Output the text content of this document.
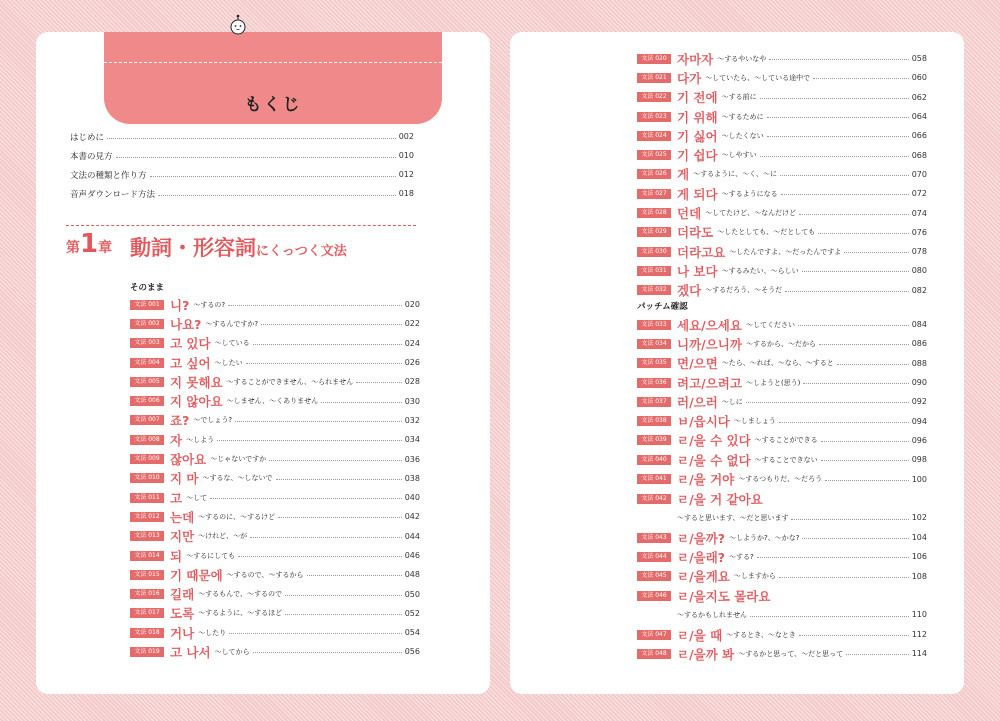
もくじ
はじめに	002
本書の見方	010
文法の種類と作り方	012
音声ダウンロード方法	018
第1章 動詞・形容詞にくっつく文法
そのまま
文法 001 니? ～するの?	020
文法 002 나요? ～するんですか?	022
文法 003 고 있다 ～している	024
文法 004 고 싶어 ～したい	026
文法 005 지 못해요 ～することができません、～られません	028
文法 006 지 않아요 ～しません、～くありません	030
文法 007 죠? ～でしょう?	032
文法 008 자 ～しよう	034
文法 009 잖아요 ～じゃないですか	036
文法 010 지 마 ～するな、～しないで	038
文法 011 고 ～して	040
文法 012 는데 ～するのに、～するけど	042
文法 013 지만 ～けれど、～が	044
文法 014 되 ～するにしても	046
文法 015 기 때문에 ～するので、～するから	048
文法 016 길래 ～するもんで、～するので	050
文法 017 도록 ～するように、～するほど	052
文法 018 거나 ～したり	054
文法 019 고 나서 ～してから	056
文法 020 자마자 ～するやいなや	058
文法 021 다가 ～していたら、～している途中で	060
文法 022 기 전에 ～する前に	062
文法 023 기 위해 ～するために	064
文法 024 기 싫어 ～したくない	066
文法 025 기 쉽다 ～しやすい	068
文法 026 게 ～するように、～く、～に	070
文法 027 게 되다 ～するようになる	072
文法 028 던데 ～してたけど、～なんだけど	074
文法 029 더라도 ～したとしても、～だとしても	076
文法 030 더라고요 ～したんですよ、～だったんですよ	078
文法 031 나 보다 ～するみたい、～らしい	080
文法 032 겠다 ～するだろう、～そうだ	082
パッチム確認
文法 033 세요/으세요 ～してください	084
文法 034 니까/으니까 ～するから、～だから	086
文法 035 면/으면 ～たら、～れば、～なら、～すると	088
文法 036 려고/으려고 ～しようと(思う)	090
文法 037 러/으러 ～しに	092
文法 038 ㅂ/읍시다 ～しましょう	094
文法 039 ㄹ/을 수 있다 ～することができる	096
文法 040 ㄹ/을 수 없다 ～することできない	098
文法 041 ㄹ/을 거야 ～するつもりだ、～だろう	100
文法 042 ㄹ/을 거 같아요
～すると思います、～だと思います	102
文法 043 ㄹ/을까? ～しようか?、～かな?	104
文法 044 ㄹ/을래? ～する?	106
文法 045 ㄹ/을게요 ～しますから	108
文法 046 ㄹ/을지도 몰라요
～するかもしれません	110
文法 047 ㄹ/을 때 ～するとき、～なとき	112
文法 048 ㄹ/을까 봐 ～するかと思って、～だと思って	114
